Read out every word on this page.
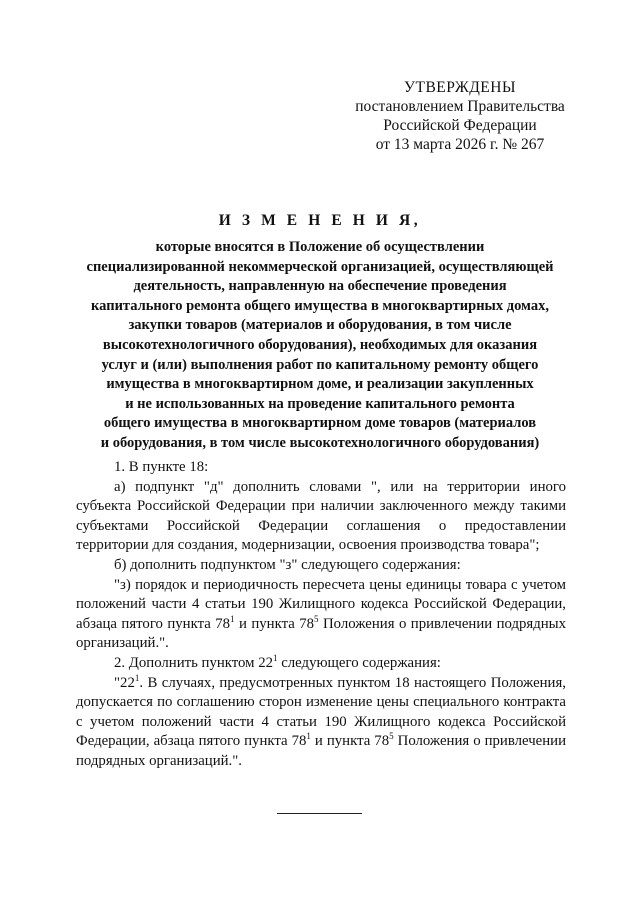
УТВЕРЖДЕНЫ
постановлением Правительства
Российской Федерации
от 13 марта 2026 г. № 267
И З М Е Н Е Н И Я,
которые вносятся в Положение об осуществлении
специализированной некоммерческой организацией, осуществляющей
деятельность, направленную на обеспечение проведения
капитального ремонта общего имущества в многоквартирных домах,
закупки товаров (материалов и оборудования, в том числе
высокотехнологичного оборудования), необходимых для оказания
услуг и (или) выполнения работ по капитальному ремонту общего
имущества в многоквартирном доме, и реализации закупленных
и не использованных на проведение капитального ремонта
общего имущества в многоквартирном доме товаров (материалов
и оборудования, в том числе высокотехнологичного оборудования)

1. В пункте 18:

а) подпункт "д" дополнить словами ", или на территории иного субъекта Российской Федерации при наличии заключенного между такими субъектами Российской Федерации соглашения о предоставлении территории для создания, модернизации, освоения производства товара";

б) дополнить подпунктом "з" следующего содержания:

"з) порядок и периодичность пересчета цены единицы товара с учетом положений части 4 статьи 190 Жилищного кодекса Российской Федерации, абзаца пятого пункта $78^1$ и пункта $78^5$ Положения о привлечении подрядных организаций.".

2. Дополнить пунктом $22^1$ следующего содержания:

"$22^1$. В случаях, предусмотренных пунктом 18 настоящего Положения, допускается по соглашению сторон изменение цены специального контракта с учетом положений части 4 статьи 190 Жилищного кодекса Российской Федерации, абзаца пятого пункта $78^1$ и пункта $78^5$ Положения о привлечении подрядных организаций.".
